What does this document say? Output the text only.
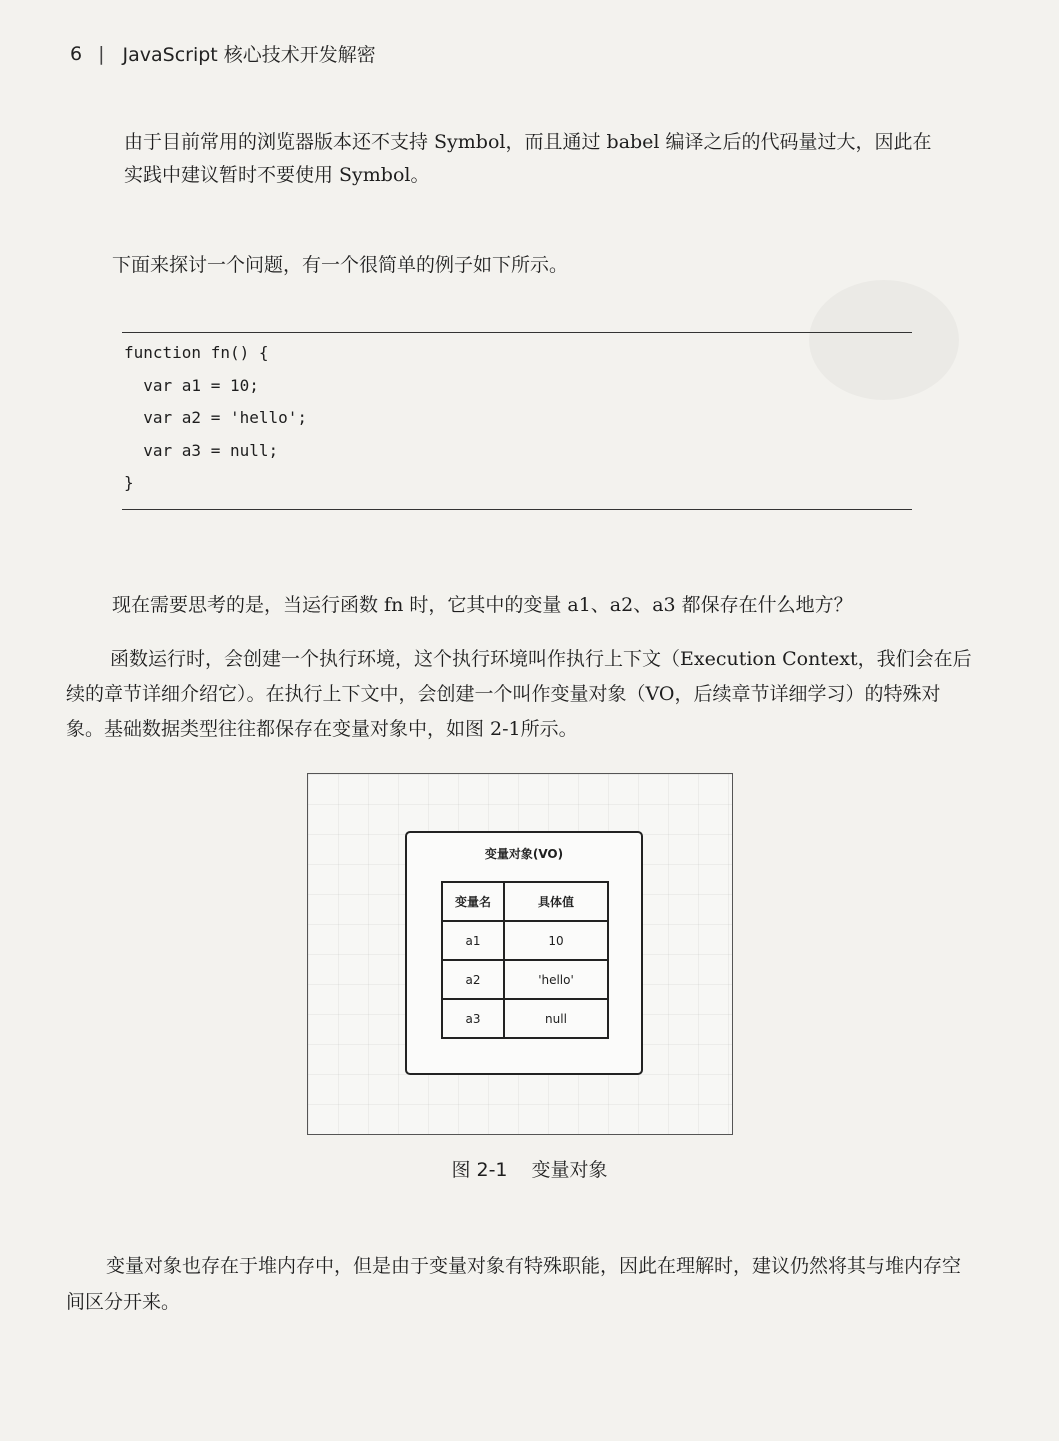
6 | JavaScript 核心技术开发解密

由于目前常用的浏览器版本还不支持 Symbol，而且通过 babel 编译之后的代码量过大，因此在实践中建议暂时不要使用 Symbol。

下面来探讨一个问题，有一个很简单的例子如下所示。

function fn() {
var a1 = 10;
var a2 = 'hello';
var a3 = null;
}

现在需要思考的是，当运行函数 fn 时，它其中的变量 a1、a2、a3 都保存在什么地方？

函数运行时，会创建一个执行环境，这个执行环境叫作执行上下文（Execution Context，我们会在后续的章节详细介绍它）。在执行上下文中，会创建一个叫作变量对象（VO，后续章节详细学习）的特殊对象。基础数据类型往往都保存在变量对象中，如图 2-1所示。

变量对象(VO)
变量名	具体值
a1	10
a2	'hello'
a3	null
图 2-1 变量对象

变量对象也存在于堆内存中，但是由于变量对象有特殊职能，因此在理解时，建议仍然将其与堆内存空间区分开来。
